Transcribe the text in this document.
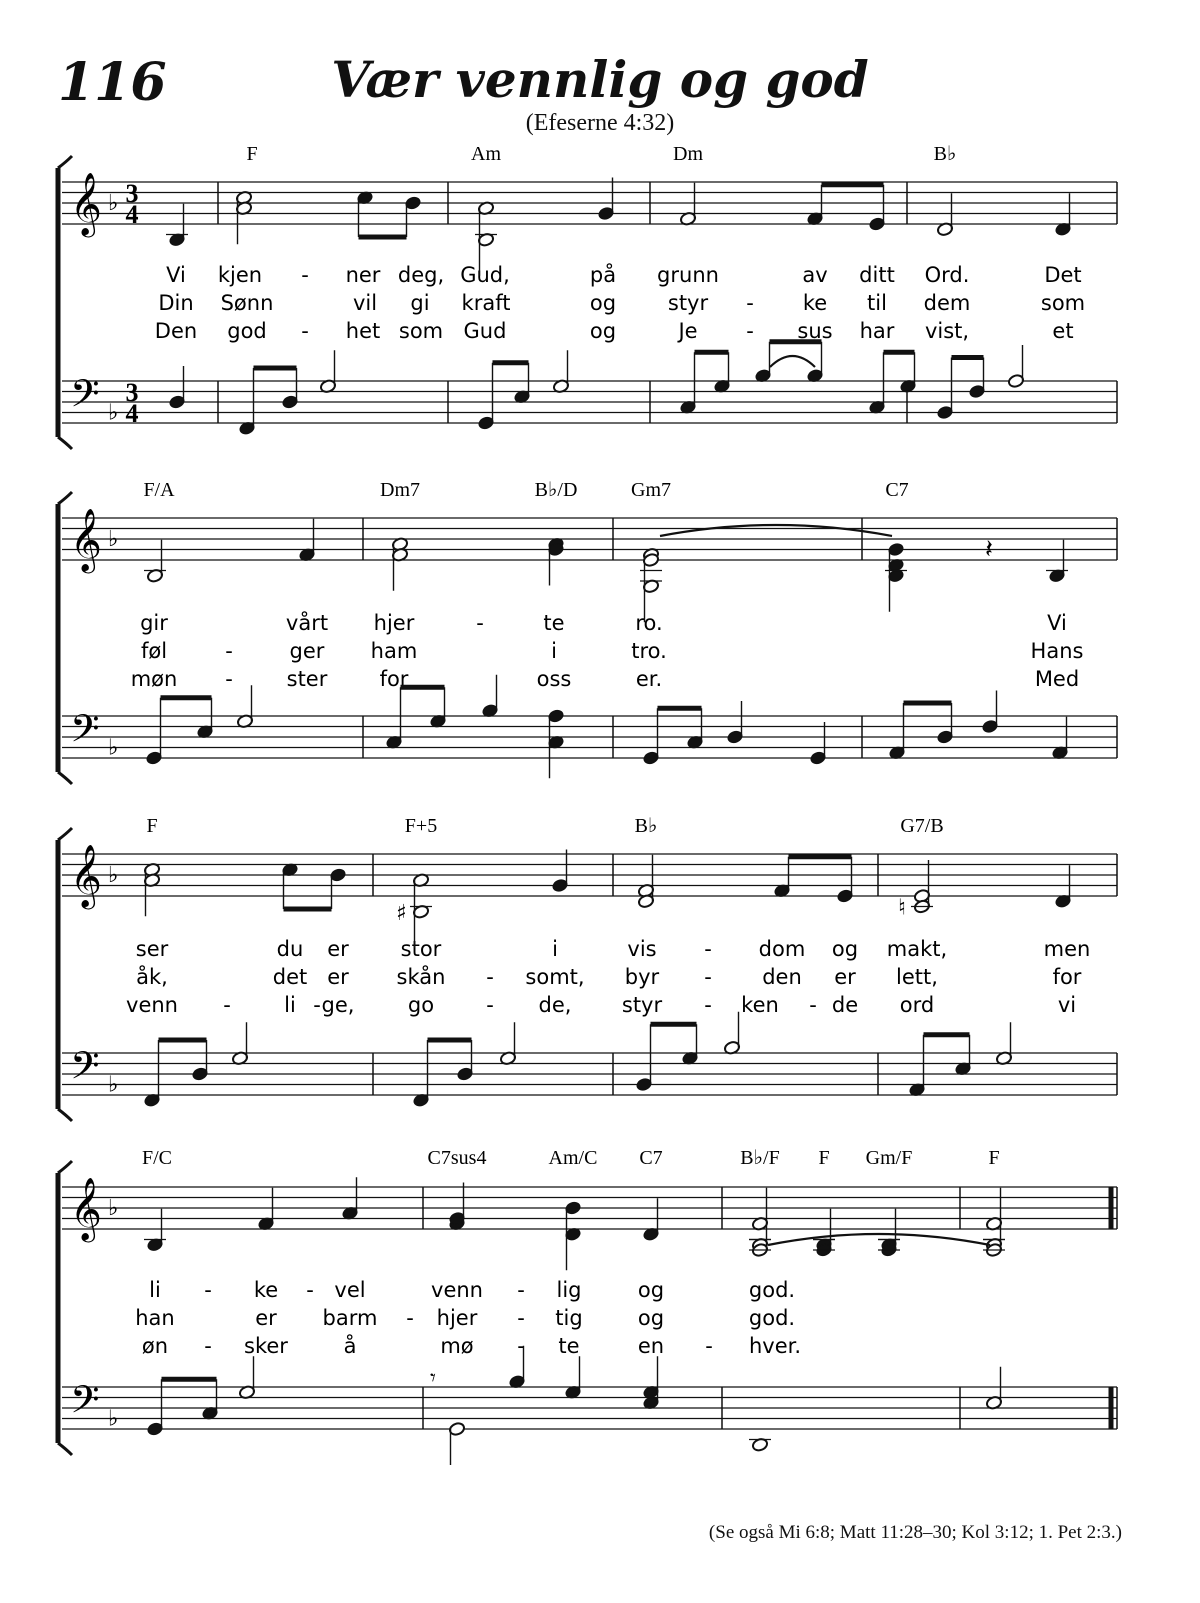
116	Vær vennlig og god
(Efeserne 4:32)
𝄞
𝄢
♭
♭
3
4
3
4
F	Am	Dm	B♭
Vi kjen - ner deg, Gud,	på grunn	av ditt Ord.	Det
Din Sønn	vil gi kraft	og styr - ke til dem	som
Den god - het som Gud	og	Je - sus har vist,	et
𝄞
𝄢
♭
♭
F/A	Dm7	B♭/D	Gm7	C7
gir	vårt hjer	-	te	ro.	Vi
føl	-	ger ham	i	tro.	Hans
møn -	ster for	oss	er.	Med
𝄞
𝄢
♭
♭
F	F+5	B♭	G7/B
ser	du er stor	i	vis - dom og makt,	men
åk,	det er skån - somt, byr - den er lett,	for
venn -	li - ge,	go - de, styr - ken - de ord	vi
𝄞
𝄢
♭
♭
F/C	C7sus4	Am/C C7	B♭/F F Gm/F	F
li - ke - vel	venn - lig	og	god.
han	er barm - hjer - tig	og	god.
øn - sker	å	mø - te	en - hver.
𝄽
♯	♮
𝄾
(Se også Mi 6:8; Matt 11:28–30; Kol 3:12; 1. Pet 2:3.)
